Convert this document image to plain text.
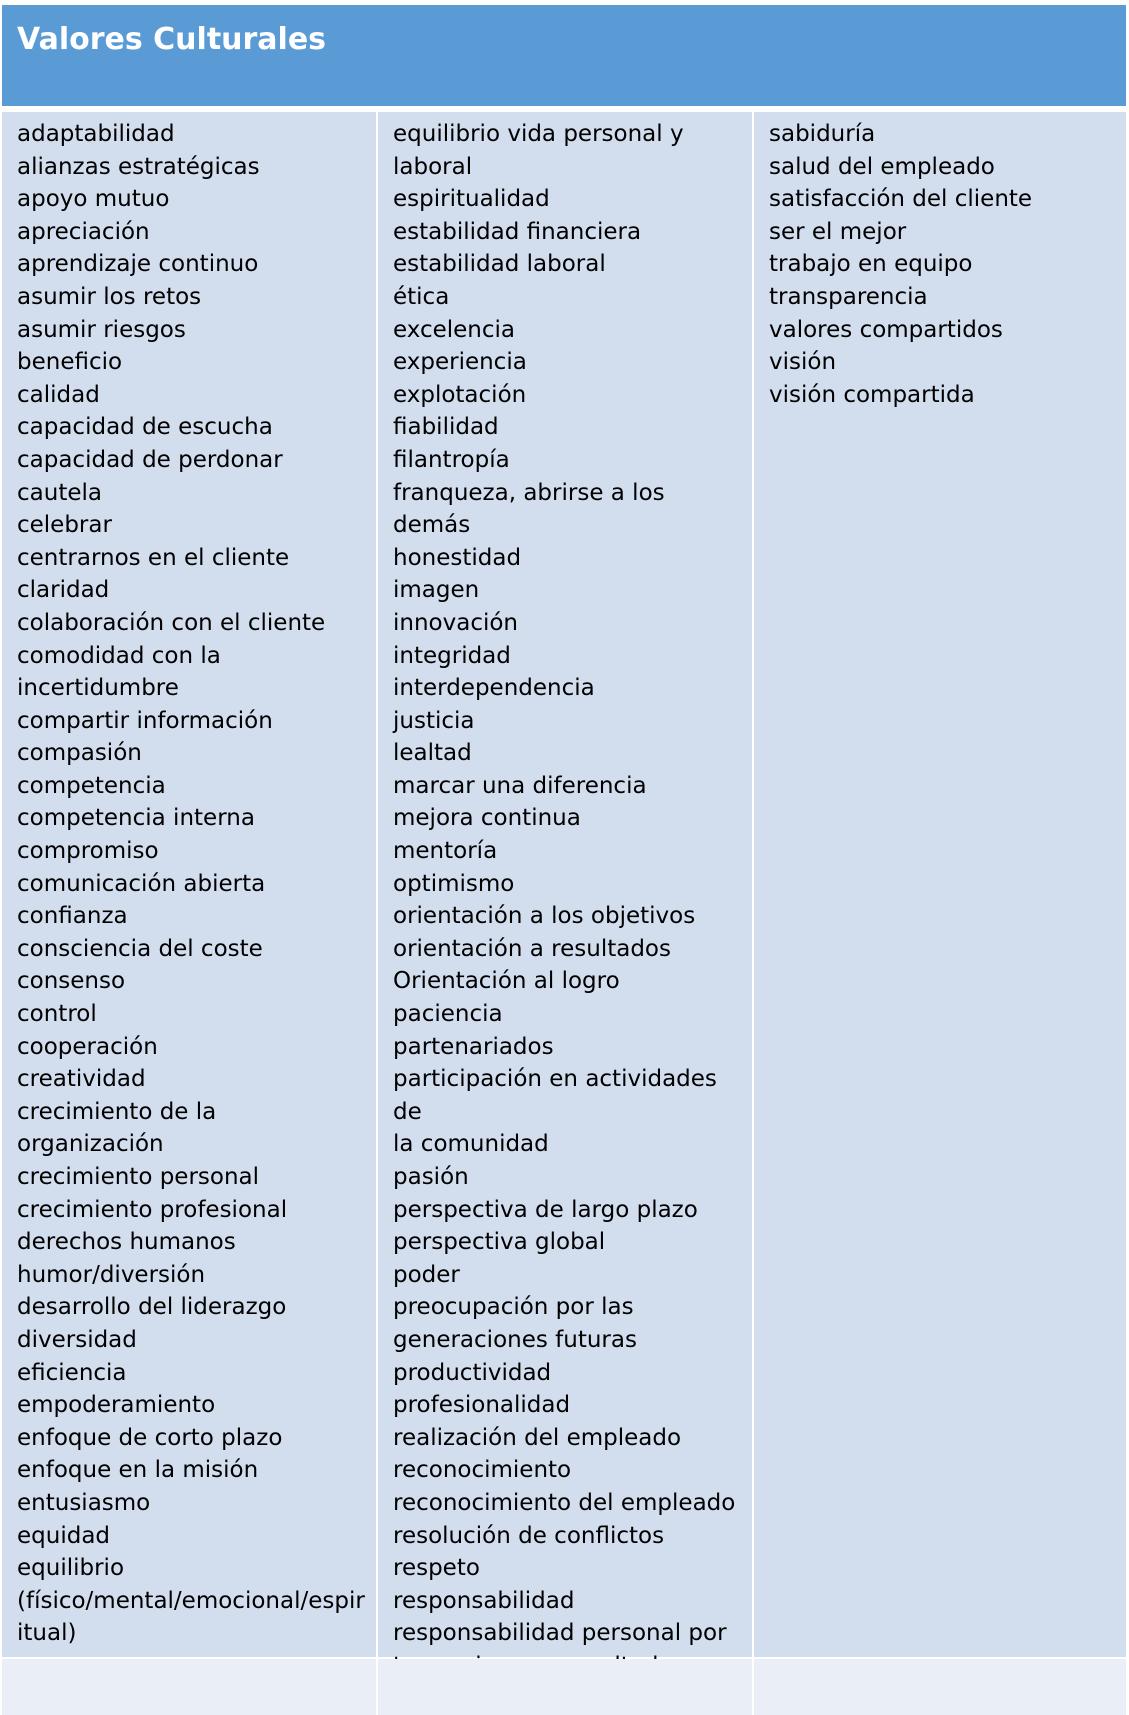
Valores Culturales
adaptabilidad
alianzas estratégicas
apoyo mutuo
apreciación
aprendizaje continuo
asumir los retos
asumir riesgos
beneficio
calidad
capacidad de escucha
capacidad de perdonar
cautela
celebrar
centrarnos en el cliente
claridad
colaboración con el cliente
comodidad con la
incertidumbre
compartir información
compasión
competencia
competencia interna
compromiso
comunicación abierta
confianza
consciencia del coste
consenso
control
cooperación
creatividad
crecimiento de la organización
crecimiento personal
crecimiento profesional
derechos humanos
humor/diversión
desarrollo del liderazgo
diversidad
eficiencia
empoderamiento
enfoque de corto plazo
enfoque en la misión
entusiasmo
equidad
equilibrio
(físico/mental/emocional/espir
itual)
equilibrio vida personal y
laboral
espiritualidad
estabilidad financiera
estabilidad laboral
ética
excelencia
experiencia
explotación
fiabilidad
filantropía
franqueza, abrirse a los demás
honestidad
imagen
innovación
integridad
interdependencia
justicia
lealtad
marcar una diferencia
mejora continua
mentoría
optimismo
orientación a los objetivos
orientación a resultados
Orientación al logro
paciencia
partenariados
participación en actividades de
la comunidad
pasión
perspectiva de largo plazo
perspectiva global
poder
preocupación por las
generaciones futuras
productividad
profesionalidad
realización del empleado
reconocimiento
reconocimiento del empleado
resolución de conflictos
respeto
responsabilidad
responsabilidad personal por

sabiduría
salud del empleado
satisfacción del cliente
ser el mejor
trabajo en equipo
transparencia
valores compartidos
visión
visión compartida
